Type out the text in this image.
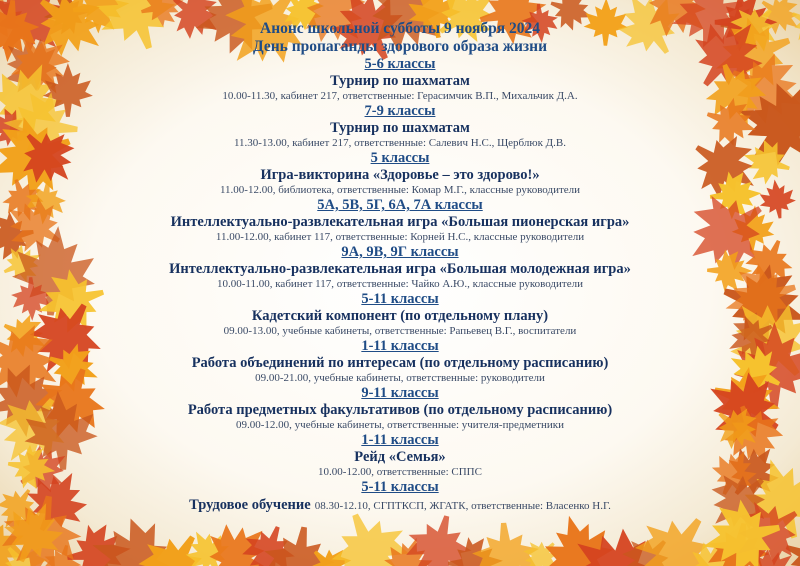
Анонс школьной субботы 9 ноября 2024
День пропаганды здорового образа жизни
5-6 классы
Турнир по шахматам
10.00-11.30, кабинет 217, ответственные: Герасимчик В.П., Михальчик Д.А.
7-9 классы
Турнир по шахматам
11.30-13.00, кабинет 217, ответственные: Салевич Н.С., Щерблюк Д.В.
5 классы
Игра-викторина «Здоровье – это здорово!»
11.00-12.00, библиотека, ответственные: Комар М.Г., классные руководители
5А, 5В, 5Г, 6А, 7А классы
Интеллектуально-развлекательная игра «Большая пионерская игра»
11.00-12.00, кабинет 117, ответственные: Корней Н.С., классные руководители
9А, 9В, 9Г классы
Интеллектуально-развлекательная игра «Большая молодежная игра»
10.00-11.00, кабинет 117, ответственные: Чайко А.Ю., классные руководители
5-11 классы
Кадетский компонент (по отдельному плану)
09.00-13.00, учебные кабинеты, ответственные: Рапьевец В.Г., воспитатели
1-11 классы
Работа объединений по интересам (по отдельному расписанию)
09.00-21.00, учебные кабинеты, ответственные: руководители
9-11 классы
Работа предметных факультативов (по отдельному расписанию)
09.00-12.00, учебные кабинеты, ответственные: учителя-предметники
1-11 классы
Рейд «Семья»
10.00-12.00, ответственные: СППС
5-11 классы
Трудовое обучение 08.30-12.10, СГПТКСП, ЖГАТК, ответственные: Власенко Н.Г.
